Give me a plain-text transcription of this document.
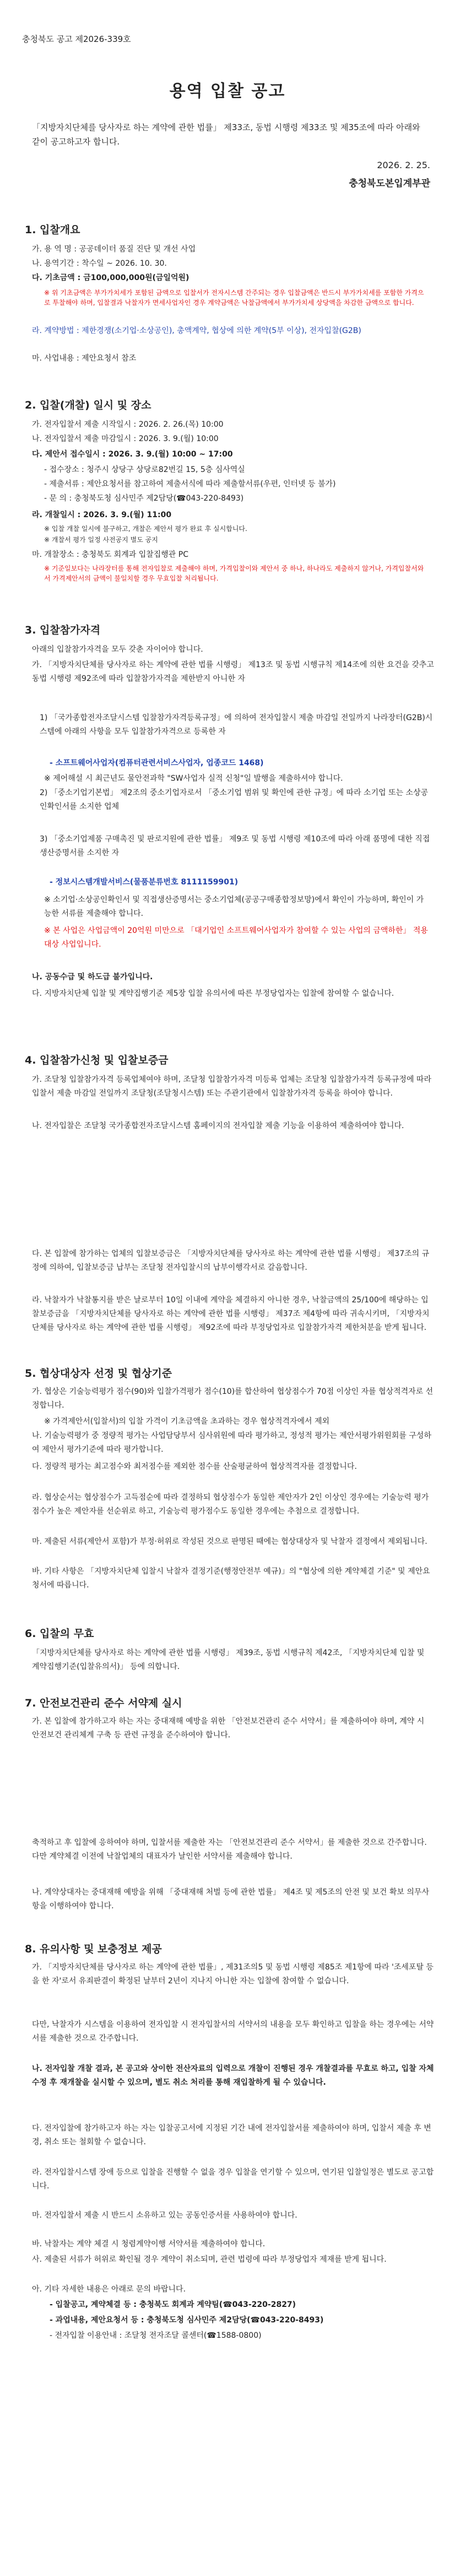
충청북도 공고 제2026-339호
용역 입찰 공고
「지방자치단체를 당사자로 하는 계약에 관한 법률」 제33조, 동법 시행령 제33조 및 제35조에 따라 아래와 같이 공고하고자 합니다.
2026. 2. 25.
충청북도본입계부관
1. 입찰개요
가. 용 역 명 : 공공데이터 품질 진단 및 개선 사업
나. 용역기간 : 착수일 ~ 2026. 10. 30.
다. 기초금액 : 금100,000,000원(금일억원)
※ 위 기초금액은 부가가치세가 포함된 금액으로 입찰서가 전자시스템 간주되는 경우 입찰금액은 반드시 부가가치세를 포함한 가격으로 투찰해야 하며, 입찰결과 낙찰자가 면세사업자인 경우 계약금액은 낙찰금액에서 부가가치세 상당액을 차감한 금액으로 합니다.
라. 계약방법 : 제한경쟁(소기업·소상공인), 총액계약, 협상에 의한 계약(5부 이상), 전자입찰(G2B)
마. 사업내용 : 제안요청서 참조
2. 입찰(개찰) 일시 및 장소
가. 전자입찰서 제출 시작일시 : 2026. 2. 26.(목) 10:00
나. 전자입찰서 제출 마감일시 : 2026. 3. 9.(월) 10:00
다. 제안서 접수일시 : 2026. 3. 9.(월) 10:00 ~ 17:00
- 접수장소 : 청주시 상당구 상당로82번길 15, 5층 심사역실
- 제출서류 : 제안요청서를 참고하여 제출서식에 따라 제출할서류(우편, 인터넷 등 불가)
- 문 의 : 충청북도청 심사민주 제2담당(☎043-220-8493)
라. 개찰일시 : 2026. 3. 9.(월) 11:00
※ 입찰 개찰 일시에 불구하고, 개찰은 제안서 평가 완료 후 실시합니다.
※ 개찰서 평가 일정 사전공지 별도 공지
마. 개찰장소 : 충청북도 회계과 입찰집행관 PC
※ 기준일보다는 나라장터를 통해 전자입찰로 제출해야 하며, 가격입찰이와 제안서 중 하나, 하나라도 제출하지 않거나, 가격입찰서와 서 가격제안서의 금액이 불일치할 경우 무효입찰 처리됩니다.
3. 입찰참가자격
아래의 입찰참가자격을 모두 갖춘 자이어야 합니다.
가. 「지방자치단체를 당사자로 하는 계약에 관한 법률 시행령」 제13조 및 동법 시행규칙 제14조에 의한 요건을 갖추고 동법 시행령 제92조에 따라 입찰참가자격을 제한받지 아니한 자
1) 「국가종합전자조달시스템 입찰참가자격등록규정」에 의하여 전자입찰시 제출 마감일 전일까지 나라장터(G2B)시스템에 아래의 사항을 모두 입찰참가자격으로 등록한 자
- 소프트웨어사업자(컴퓨터관련서비스사업자, 업종코드 1468)
※ 제어해설 시 최근년도 물안전과학 "SW사업자 실적 신청"일 발행을 제출하셔야 합니다.
2) 「중소기업기본법」 제2조의 중소기업자로서 「중소기업 범위 및 확인에 관한 규정」에 따라 소기업 또는 소상공인확인서를 소지한 업체
3) 「중소기업제품 구매촉진 및 판로지원에 관한 법률」 제9조 및 동법 시행령 제10조에 따라 아래 품명에 대한 직접생산증명서를 소지한 자
- 정보시스템개발서비스(물품분류번호 8111159901)
※ 소기업·소상공인확인서 및 직접생산증명서는 중소기업체(공공구매종합정보망)에서 확인이 가능하며, 확인이 가능한 서류를 제출해야 합니다.
※ 본 사업은 사업금액이 20억원 미만으로 「대기업인 소프트웨어사업자가 참여할 수 있는 사업의 금액하한」 적용 대상 사업입니다.
나. 공동수급 및 하도급 불가입니다.
다. 지방자치단체 입찰 및 계약집행기준 제5장 입찰 유의서에 따른 부정당업자는 입찰에 참여할 수 없습니다.
4. 입찰참가신청 및 입찰보증금
가. 조달청 입찰참가자격 등록업체여야 하며, 조달청 입찰참가자격 미등록 업체는 조달청 입찰참가자격 등록규정에 따라 입찰서 제출 마감일 전일까지 조달청(조달청시스템) 또는 주관기관에서 입찰참가자격 등록을 하여야 합니다.
나. 전자입찰은 조달청 국가종합전자조달시스템 홈페이지의 전자입찰 제출 기능을 이용하여 제출하여야 합니다.
다. 본 입찰에 참가하는 업체의 입찰보증금은 「지방자치단체를 당사자로 하는 계약에 관한 법률 시행령」 제37조의 규정에 의하여, 입찰보증금 납부는 조달청 전자입찰시의 납부이행각서로 갈음합니다.
라. 낙찰자가 낙찰통지를 받은 날로부터 10일 이내에 계약을 체결하지 아니한 경우, 낙찰금액의 25/100에 해당하는 입찰보증금을 「지방자치단체를 당사자로 하는 계약에 관한 법률 시행령」 제37조 제4항에 따라 귀속시키며, 「지방자치단체를 당사자로 하는 계약에 관한 법률 시행령」 제92조에 따라 부정당업자로 입찰참가자격 제한처분을 받게 됩니다.
5. 협상대상자 선정 및 협상기준
가. 협상은 기술능력평가 점수(90)와 입찰가격평가 점수(10)를 합산하여 협상점수가 70점 이상인 자를 협상적격자로 선정합니다.
※ 가격제안서(입찰서)의 입찰 가격이 기초금액을 초과하는 경우 협상적격자에서 제외
나. 기술능력평가 중 정량적 평가는 사업담당부서 심사위원에 따라 평가하고, 정성적 평가는 제안서평가위원회를 구성하여 제안서 평가기준에 따라 평가합니다.
다. 정량적 평가는 최고점수와 최저점수를 제외한 점수를 산술평균하여 협상적격자를 결정합니다.
라. 협상순서는 협상점수가 고득점순에 따라 결정하되 협상점수가 동일한 제안자가 2인 이상인 경우에는 기술능력 평가점수가 높은 제안자를 선순위로 하고, 기술능력 평가점수도 동일한 경우에는 추첨으로 결정합니다.
마. 제출된 서류(제안서 포함)가 부정·허위로 작성된 것으로 판명된 때에는 협상대상자 및 낙찰자 결정에서 제외됩니다.
바. 기타 사항은 「지방자치단체 입찰시 낙찰자 결정기준(행정안전부 예규)」의 "협상에 의한 계약체결 기준" 및 제안요청서에 따릅니다.
6. 입찰의 무효
「지방자치단체를 당사자로 하는 계약에 관한 법률 시행령」 제39조, 동법 시행규칙 제42조, 「지방자치단체 입찰 및 계약집행기준(입찰유의서)」 등에 의합니다.
7. 안전보건관리 준수 서약제 실시
가. 본 입찰에 참가하고자 하는 자는 중대재해 예방을 위한 「안전보건관리 준수 서약서」를 제출하여야 하며, 계약 시 안전보건 관리체계 구축 등 관련 규정을 준수하여야 합니다.
축적하고 후 입찰에 응하여야 하며, 입찰서를 제출한 자는 「안전보건관리 준수 서약서」를 제출한 것으로 간주합니다. 다만 계약체결 이전에 낙찰업체의 대표자가 날인한 서약서를 제출해야 합니다.
나. 계약상대자는 중대재해 예방을 위해 「중대재해 처벌 등에 관한 법률」 제4조 및 제5조의 안전 및 보건 확보 의무사항을 이행하여야 합니다.
8. 유의사항 및 보충정보 제공
가. 「지방자치단체를 당사자로 하는 계약에 관한 법률」, 제31조의5 및 동법 시행령 제85조 제1항에 따라 '조세포탈 등을 한 자'로서 유죄판결이 확정된 날부터 2년이 지나지 아니한 자는 입찰에 참여할 수 없습니다.
다만, 낙찰자가 시스템을 이용하여 전자입찰 시 전자입찰서의 서약서의 내용을 모두 확인하고 입찰을 하는 경우에는 서약서를 제출한 것으로 간주합니다.
나. 전자입찰 개찰 결과, 본 공고와 상이한 전산자료의 입력으로 개찰이 진행된 경우 개찰결과를 무효로 하고, 입찰 자체 수정 후 재개찰을 실시할 수 있으며, 별도 취소 처리를 통해 재입찰하게 될 수 있습니다.
다. 전자입찰에 참가하고자 하는 자는 입찰공고서에 지정된 기간 내에 전자입찰서를 제출하여야 하며, 입찰서 제출 후 변경, 취소 또는 철회할 수 없습니다.
라. 전자입찰시스템 장애 등으로 입찰을 진행할 수 없을 경우 입찰을 연기할 수 있으며, 연기된 입찰일정은 별도로 공고합니다.
마. 전자입찰서 제출 시 반드시 소유하고 있는 공동인증서를 사용하여야 합니다.
바. 낙찰자는 계약 체결 시 청렴계약이행 서약서를 제출하여야 합니다.
사. 제출된 서류가 허위로 확인될 경우 계약이 취소되며, 관련 법령에 따라 부정당업자 제재를 받게 됩니다.
아. 기타 자세한 내용은 아래로 문의 바랍니다.
- 입찰공고, 계약체결 등 : 충청북도 회계과 계약팀(☎043-220-2827)
- 과업내용, 제안요청서 등 : 충청북도청 심사민주 제2담당(☎043-220-8493)
- 전자입찰 이용안내 : 조달청 전자조달 콜센터(☎1588-0800)
